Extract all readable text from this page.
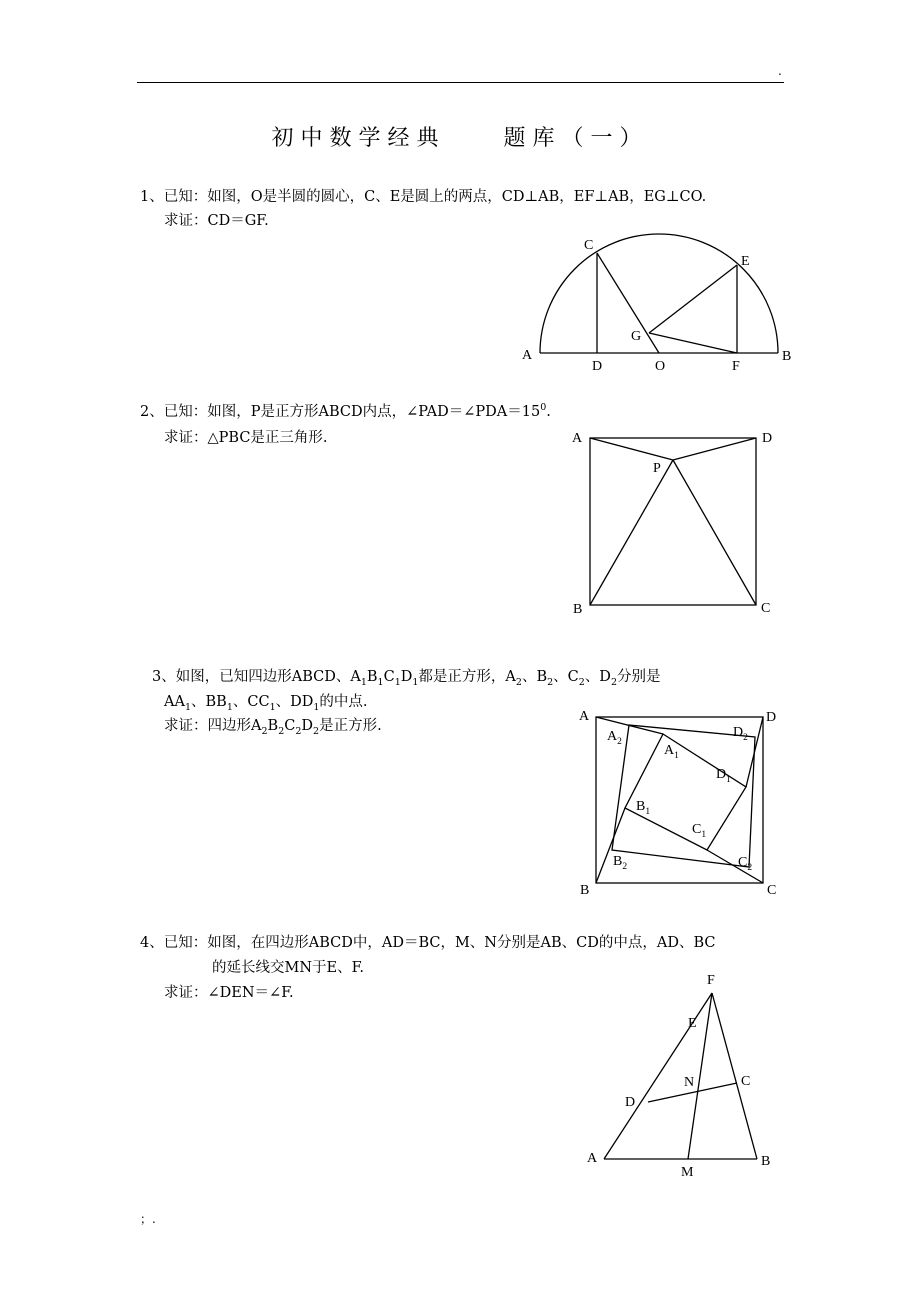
.
初中数学经典　　题库（一）
1、已知：如图，O是半圆的圆心，C、E是圆上的两点，CD⊥AB，EF⊥AB，EG⊥CO.
求证：CD＝GF.
A	B
C
D
E
F
G
O
A	D
P
B	C
A	D
B	C
$A_2$
$A_1$
$D_2$
$D_1$
$B_1$
$C_1$
$B_2$	$C_2$
F
E
N	C
D
A	B
M
2、已知：如图，P是正方形ABCD内点，$\angle PAD=\angle PDA=15^0$.
求证：△PBC是正三角形.
3、如图，已知四边形ABCD、$A_1B_1C_1D_1$都是正方形，$A_2$、$B_2$、$C_2$、$D_2$分别是
$AA_1$、$BB_1$、$CC_1$、$DD_1$的中点.
求证：四边形$A_2B_2C_2D_2$是正方形.
4、已知：如图，在四边形ABCD中，AD＝BC，M、N分别是AB、CD的中点，AD、BC
的延长线交MN于E、F.
求证：∠DEN＝∠F.
；.
